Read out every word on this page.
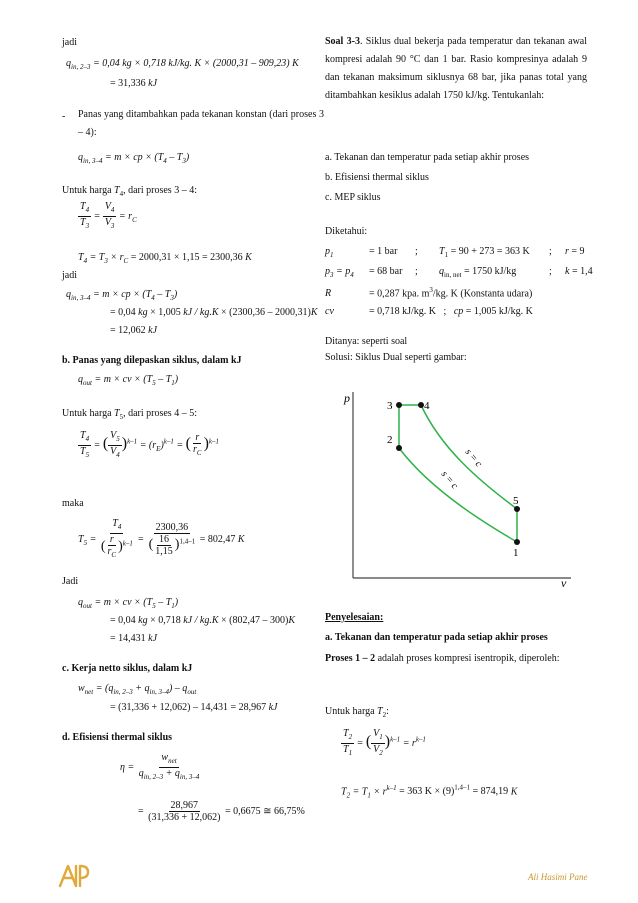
jadi
$q_{in, 2-3} = 0,04$ kg × 0,718 kJ/kg. K × (2000,31 – 909,23) K
= 31,336 kJ
- Panas yang ditambahkan pada tekanan konstan (dari proses 3 – 4):
$q_{in, 3-4} = m$ × cp × $(T_4 - T_3)$
Untuk harga $T_4$, dari proses 3 – 4:
$\frac{T_4}{T_3} = \frac{V_4}{V_3} = r_C$
$T_4 = T_3 \times r_C = 2000,31 \times 1,15 = 2300,36$ K
jadi
$q_{in, 3-4} = m$ × cp × $(T_4 - T_3)$
= 0,04 kg × 1,005 kJ / kg.K × (2300,36 – 2000,31)K
= 12,062 kJ
b. Panas yang dilepaskan siklus, dalam kJ
$q_{out} = m$ × cv × $(T_5 - T_1)$
Untuk harga $T_5$, dari proses 4 – 5:
$\frac{T_4}{T_5}$ = ( $\frac{V_5}{V_4} )^{k-1} = (r_E)^{k-1}$ = ( $\frac{r}{r_C} )^{k-1}$
maka
$T_5 = \frac{T_4}{( \frac{r}{r_C} )^{k-1}} = \frac{2300,36}{( \frac{16}{1,15} )^{1,4-1}} = 802,47$ K
Jadi
$q_{out} = m$ × cv × $(T_5 - T_1)$
= 0,04 kg × 0,718 kJ / kg.K × (802,47 – 300)K
= 14,431 kJ
c. Kerja netto siklus, dalam kJ
$w_{net} = (q_{in, 2-3} + q_{in, 3-4}) - q_{out}$
= (31,336 + 12,062) – 14,431 = 28,967 kJ
d. Efisiensi thermal siklus
$\eta = \frac{w_{net}}{q_{in, 2-3} + q_{in, 3-4}}$
= $\frac{28,967}{(31,336 + 12,062)} = 0,6675$ ≅ 66,75%
Soal 3-3. Siklus dual bekerja pada temperatur dan tekanan awal kompresi adalah 90 °C dan 1 bar. Rasio kompresinya adalah 9 dan tekanan maksimum siklusnya 68 bar, jika panas total yang ditambahkan kesiklus adalah 1750 kJ/kg. Tentukanlah:
a. Tekanan dan temperatur pada setiap akhir proses
b. Efisiensi thermal siklus
c. MEP siklus
Diketahui:
$p_1$	= 1 bar ; $T_1 = 90 + 273 = 363$ K ; r = 9
$p_3 = p_4 = 68$ bar ; $q_{in, net} = 1750$ kJ/kg	; k = 1,4
R	= 0,287 kpa. $m^3/kg$. K (Konstanta udara)
cv	= 0,718 kJ/kg. K   ;   cp = 1,005 kJ/kg. K
Ditanya: seperti soal
Solusi: Siklus Dual seperti gambar:
p
v
1
2
3	4
5
s = c
s = c
Penyelesaian:
a. Tekanan dan temperatur pada setiap akhir proses
Proses 1 – 2 adalah proses kompresi isentropik, diperoleh:
Untuk harga $T_2$:
$\frac{T_2}{T_1}$ = ( $\frac{V_1}{V_2} )^{k-1} = r^{k-1}$
$T_2 = T_1 \times r^{k-1} = 363$ $K \times (9)^{1,4-1} = 874,19$ K
Ali Hasimi Pane
